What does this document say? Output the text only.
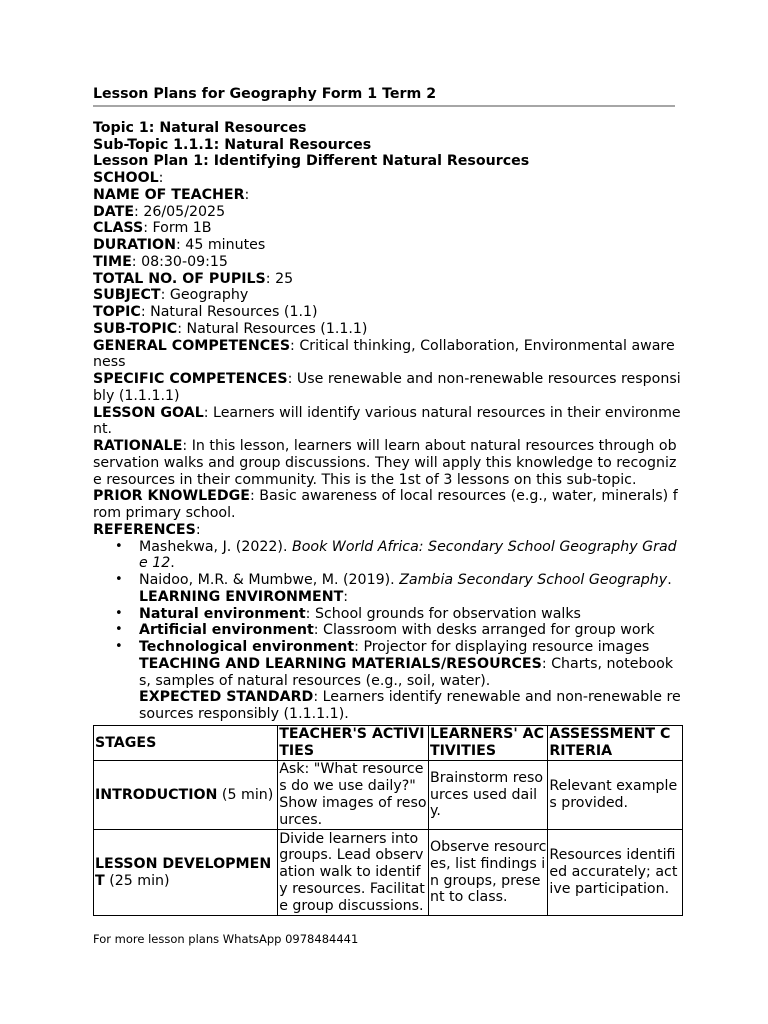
Lesson Plans for Geography Form 1 Term 2
Topic 1: Natural Resources
Sub-Topic 1.1.1: Natural Resources
Lesson Plan 1: Identifying Different Natural Resources
SCHOOL:
NAME OF TEACHER:
DATE: 26/05/2025
CLASS: Form 1B
DURATION: 45 minutes
TIME: 08:30-09:15
TOTAL NO. OF PUPILS: 25
SUBJECT: Geography
TOPIC: Natural Resources (1.1)
SUB-TOPIC: Natural Resources (1.1.1)
GENERAL COMPETENCES: Critical thinking, Collaboration, Environmental awareness
SPECIFIC COMPETENCES: Use renewable and non-renewable resources responsibly (1.1.1.1)
LESSON GOAL: Learners will identify various natural resources in their environment.
RATIONALE: In this lesson, learners will learn about natural resources through observation walks and group discussions. They will apply this knowledge to recognize resources in their community. This is the 1st of 3 lessons on this sub-topic.
PRIOR KNOWLEDGE: Basic awareness of local resources (e.g., water, minerals) from primary school.
REFERENCES:
• Mashekwa, J. (2022). Book World Africa: Secondary School Geography Grade 12.
• Naidoo, M.R. & Mumbwe, M. (2019). Zambia Secondary School Geography.
LEARNING ENVIRONMENT:
• Natural environment: School grounds for observation walks
• Artificial environment: Classroom with desks arranged for group work
• Technological environment: Projector for displaying resource images
TEACHING AND LEARNING MATERIALS/RESOURCES: Charts, notebooks, samples of natural resources (e.g., soil, water).
EXPECTED STANDARD: Learners identify renewable and non-renewable resources responsibly (1.1.1.1).
STAGES	TEACHER'S ACTIVITIES	LEARNERS' ACTIVITIES	ASSESSMENT CRITERIA
INTRODUCTION (5 min)	Ask: "What resources do we use daily?" Show images of resources.	Brainstorm resources used daily.	Relevant examples provided.
LESSON DEVELOPMENT (25 min)	Divide learners into groups. Lead observation walk to identify resources. Facilitate group discussions.	Observe resources, list findings in groups, present to class.	Resources identified accurately; active participation.
For more lesson plans WhatsApp 0978484441
